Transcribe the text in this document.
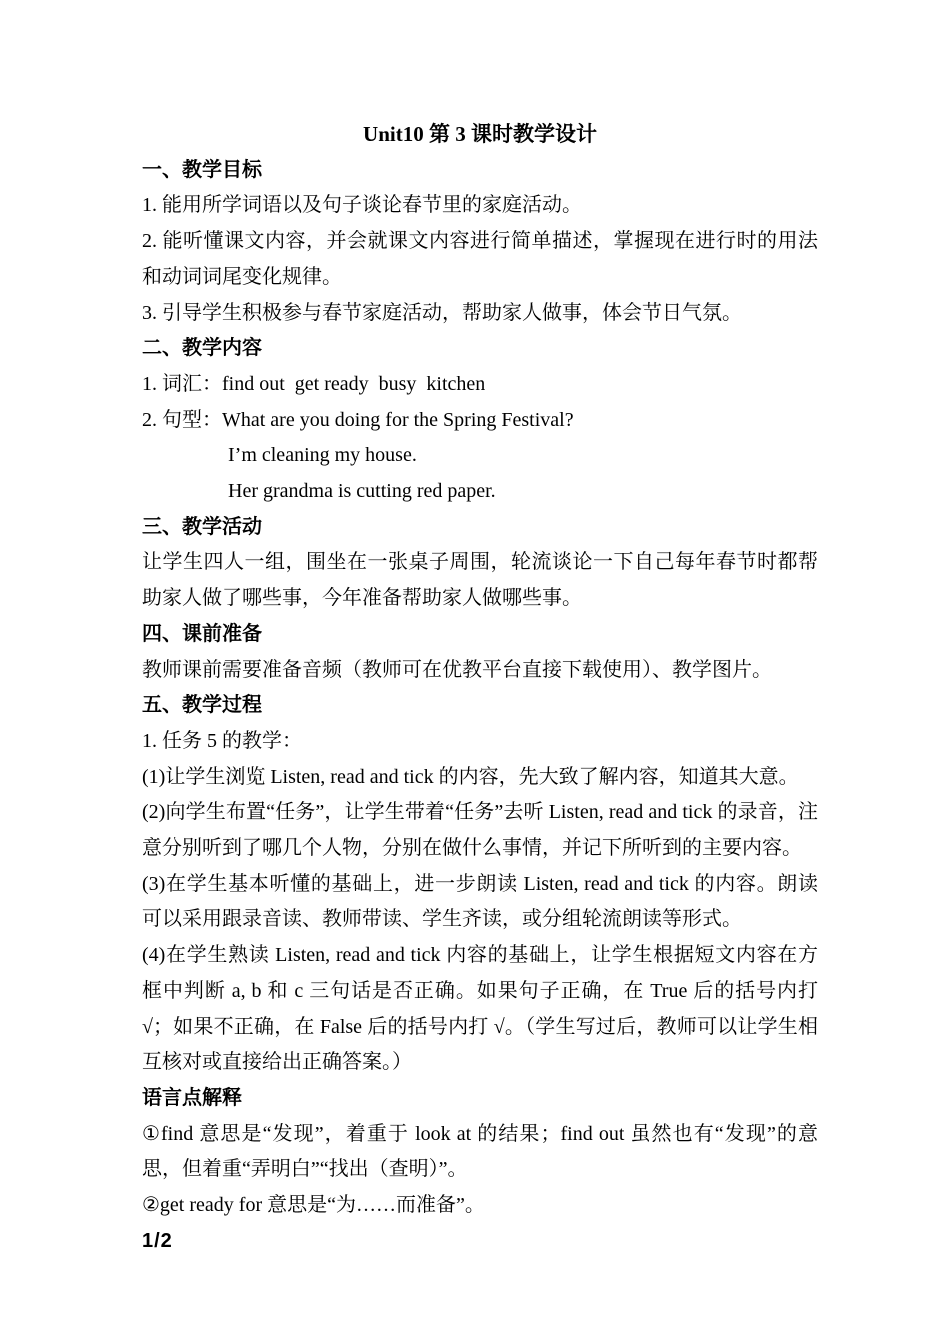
Unit10 第 3 课时教学设计

一、教学目标

1. 能用所学词语以及句子谈论春节里的家庭活动。

2. 能听懂课文内容，并会就课文内容进行简单描述，掌握现在进行时的用法和动词词尾变化规律。

3. 引导学生积极参与春节家庭活动，帮助家人做事，体会节日气氛。

二、教学内容

1. 词汇：find out  get ready  busy  kitchen

2. 句型：What are you doing for the Spring Festival?

I’m cleaning my house.

Her grandma is cutting red paper.

三、教学活动

让学生四人一组，围坐在一张桌子周围，轮流谈论一下自己每年春节时都帮助家人做了哪些事，今年准备帮助家人做哪些事。

四、课前准备

教师课前需要准备音频（教师可在优教平台直接下载使用）、教学图片。

五、教学过程

1. 任务 5 的教学：

(1)让学生浏览 Listen, read and tick 的内容，先大致了解内容，知道其大意。

(2)向学生布置“任务”，让学生带着“任务”去听 Listen, read and tick 的录音，注意分别听到了哪几个人物，分别在做什么事情，并记下所听到的主要内容。

(3)在学生基本听懂的基础上，进一步朗读 Listen, read and tick 的内容。朗读可以采用跟录音读、教师带读、学生齐读，或分组轮流朗读等形式。

(4)在学生熟读 Listen, read and tick 内容的基础上，让学生根据短文内容在方框中判断 a, b 和 c 三句话是否正确。如果句子正确，在 True 后的括号内打 √；如果不正确，在 False 后的括号内打 √。（学生写过后，教师可以让学生相互核对或直接给出正确答案。）

语言点解释

①find 意思是“发现”，着重于 look at 的结果；find out 虽然也有“发现”的意思，但着重“弄明白”“找出（查明）”。

②get ready for 意思是“为……而准备”。

1/2
